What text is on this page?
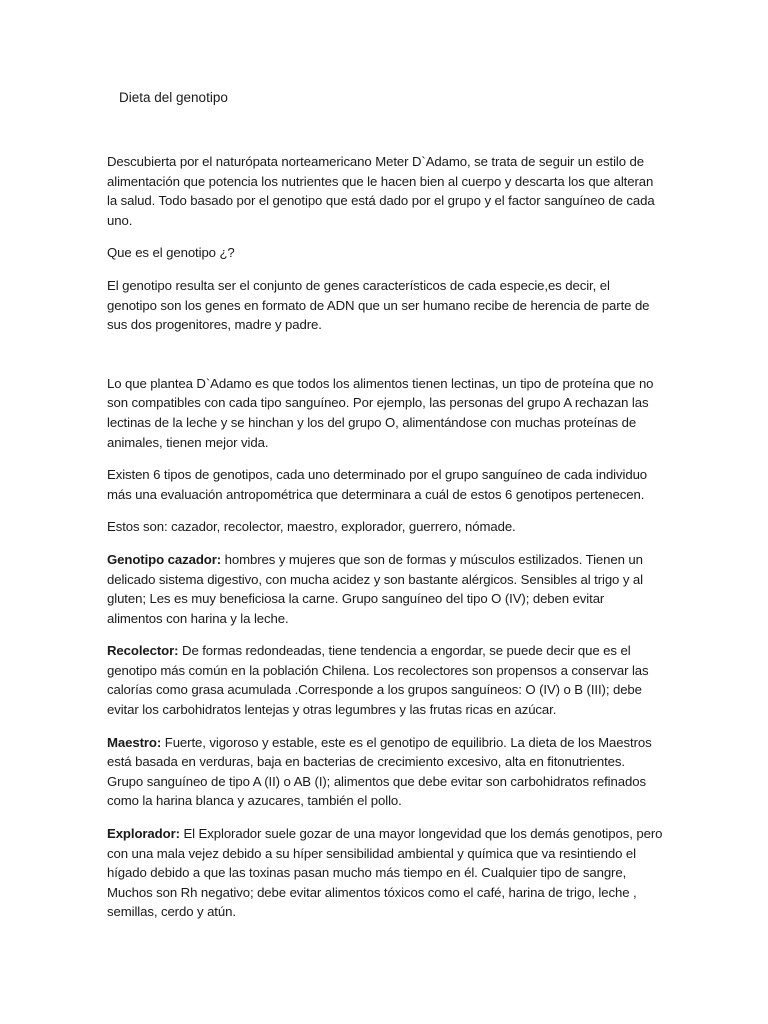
Dieta del genotipo

Descubierta por el naturópata norteamericano Meter D`Adamo, se trata de seguir un estilo de alimentación que potencia los nutrientes que le hacen bien al cuerpo y descarta los que alteran la salud. Todo basado por el genotipo que está dado por el grupo y el factor sanguíneo de cada uno.

Que es el genotipo ¿?

El genotipo resulta ser el conjunto de genes característicos de cada especie,es decir, el genotipo son los genes en formato de ADN que un ser humano recibe de herencia de parte de sus dos progenitores, madre y padre.

Lo que plantea D`Adamo es que todos los alimentos tienen lectinas, un tipo de proteína que no son compatibles con cada tipo sanguíneo. Por ejemplo, las personas del grupo A rechazan las lectinas de la leche y se hinchan y los del grupo O, alimentándose con muchas proteínas de animales, tienen mejor vida.

Existen 6 tipos de genotipos, cada uno determinado por el grupo sanguíneo de cada individuo más una evaluación antropométrica que determinara a cuál de estos 6 genotipos pertenecen.

Estos son: cazador, recolector, maestro, explorador, guerrero, nómade.

Genotipo cazador: hombres y mujeres que son de formas y músculos estilizados. Tienen un delicado sistema digestivo, con mucha acidez y son bastante alérgicos. Sensibles al trigo y al gluten; Les es muy beneficiosa la carne. Grupo sanguíneo del tipo O (IV); deben evitar alimentos con harina y la leche.

Recolector: De formas redondeadas, tiene tendencia a engordar, se puede decir que es el genotipo más común en la población Chilena. Los recolectores son propensos a conservar las calorías como grasa acumulada .Corresponde a los grupos sanguíneos: O (IV) o B (III); debe evitar los carbohidratos lentejas y otras legumbres y las frutas ricas en azúcar.

Maestro: Fuerte, vigoroso y estable, este es el genotipo de equilibrio. La dieta de los Maestros está basada en verduras, baja en bacterias de crecimiento excesivo, alta en fitonutrientes. Grupo sanguíneo de tipo A (II) o AB (I); alimentos que debe evitar son carbohidratos refinados como la harina blanca y azucares, también el pollo.

Explorador: El Explorador suele gozar de una mayor longevidad que los demás genotipos, pero con una mala vejez debido a su híper sensibilidad ambiental y química que va resintiendo el hígado debido a que las toxinas pasan mucho más tiempo en él. Cualquier tipo de sangre, Muchos son Rh negativo; debe evitar alimentos tóxicos como el café, harina de trigo, leche , semillas, cerdo y atún.
